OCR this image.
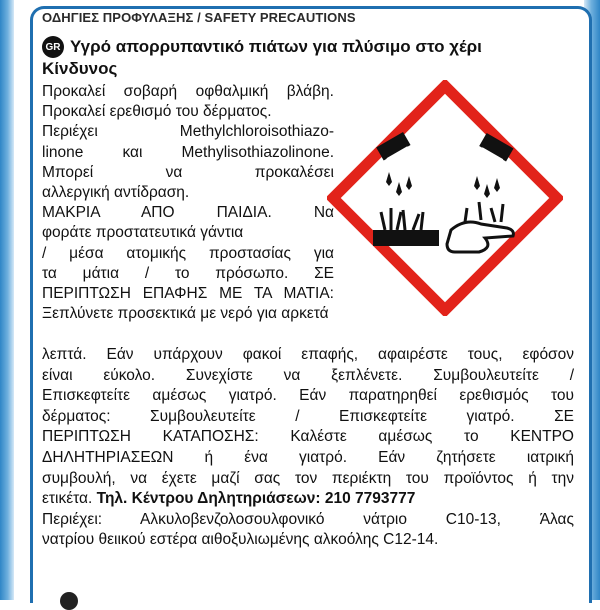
ΟΔΗΓΙΕΣ ΠΡΟΦΥΛΑΞΗΣ / SAFETY PRECAUTIONS
GR Υγρό απορρυπαντικό πιάτων για πλύσιμο στο χέρι
Κίνδυνος
Προκαλεί σοβαρή οφθαλμική βλάβη.
Προκαλεί ερεθισμό του δέρματος.
Περιέχει Methylchloroisothiazo-
linone και Methylisothiazolinone.
Μπορεί να προκαλέσει
αλλεργική αντίδραση.
ΜΑΚΡΙΑ ΑΠΟ ΠΑΙΔΙΑ. Να
φοράτε προστατευτικά γάντια
/ μέσα ατομικής προστασίας για
τα μάτια / το πρόσωπο. ΣΕ
ΠΕΡΙΠΤΩΣΗ ΕΠΑΦΗΣ ΜΕ ΤΑ ΜΑΤΙΑ:
Ξεπλύνετε προσεκτικά με νερό για αρκετά
λεπτά. Εάν υπάρχουν φακοί επαφής, αφαιρέστε τους, εφόσον
είναι εύκολο. Συνεχίστε να ξεπλένετε. Συμβουλευτείτε /
Επισκεφτείτε αμέσως γιατρό. Εάν παρατηρηθεί ερεθισμός του
δέρματος: Συμβουλευτείτε / Επισκεφτείτε γιατρό. ΣΕ
ΠΕΡΙΠΤΩΣΗ ΚΑΤΑΠΟΣΗΣ: Καλέστε αμέσως το ΚΕΝΤΡΟ
ΔΗΛΗΤΗΡΙΑΣΕΩΝ ή ένα γιατρό. Εάν ζητήσετε ιατρική
συμβουλή, να έχετε μαζί σας τον περιέκτη του προϊόντος ή την
ετικέτα. Τηλ. Κέντρου Δηλητηριάσεων: 210 7793777
Περιέχει: Αλκυλοβενζολοσουλφονικό νάτριο C10-13, Άλας
νατρίου θειικού εστέρα αιθοξυλιωμένης αλκοόλης C12-14.
